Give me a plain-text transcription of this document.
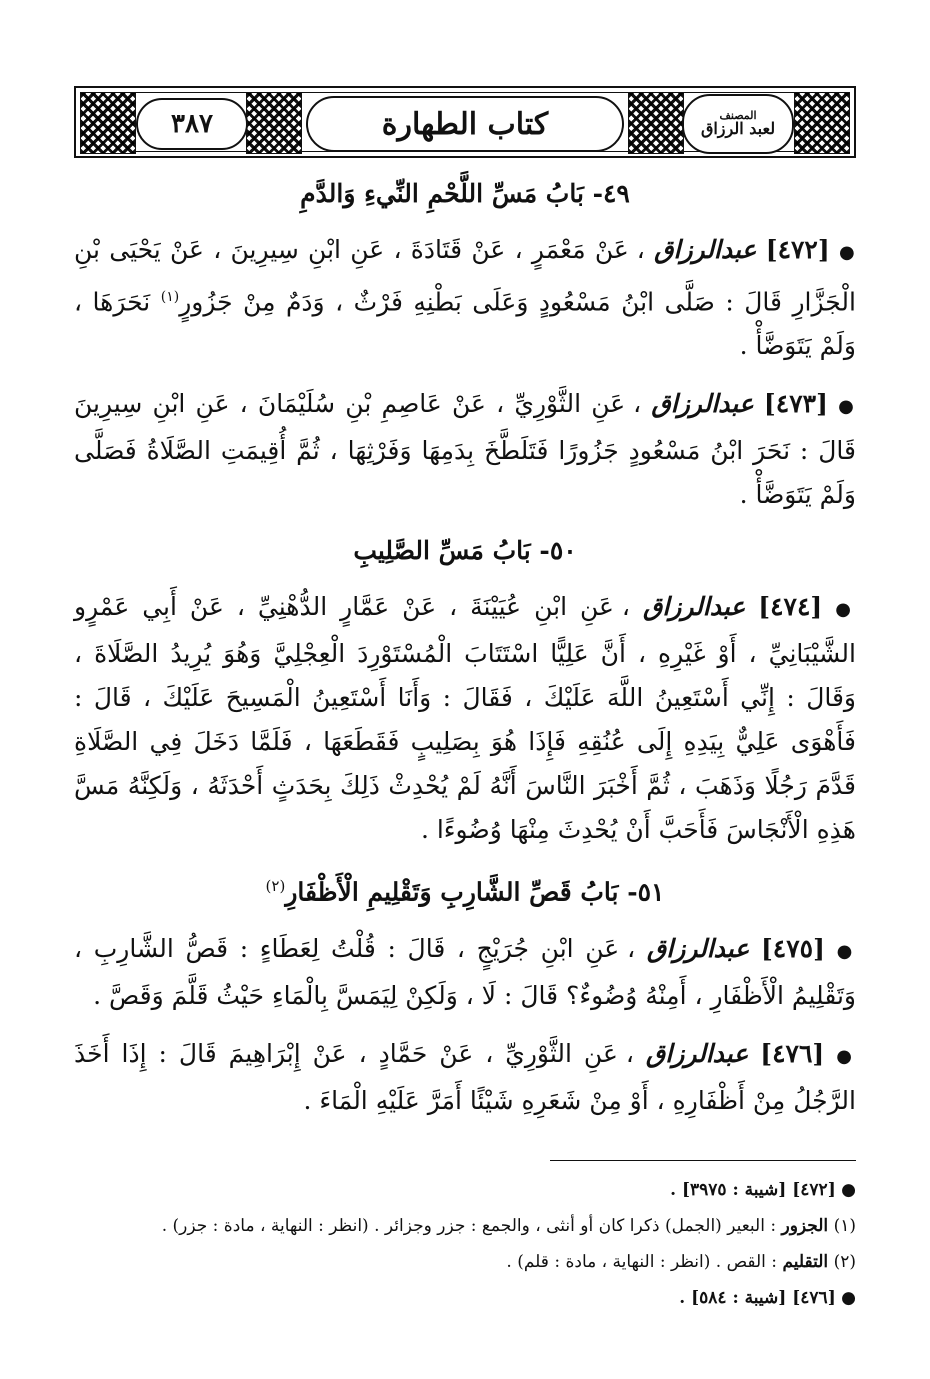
٣٨٧	كتاب الطهارة	المصنف
لعبد الرزاق
٤٩- بَابُ مَسِّ اللَّحْمِ النِّيءِ وَالدَّمِ

● [٤٧٢] عبدالرزاق ، عَنْ مَعْمَرٍ ، عَنْ قَتَادَةَ ، عَنِ ابْنِ سِيرِينَ ، عَنْ يَحْيَى بْنِ الْجَزَّارِ قَالَ : صَلَّى ابْنُ مَسْعُودٍ وَعَلَى بَطْنِهِ فَرْثٌ ، وَدَمٌ مِنْ جَزُورٍ$^{(١)}$ نَحَرَهَا ، وَلَمْ يَتَوَضَّأْ .

● [٤٧٣] عبدالرزاق ، عَنِ الثَّوْرِيِّ ، عَنْ عَاصِمِ بْنِ سُلَيْمَانَ ، عَنِ ابْنِ سِيرِينَ قَالَ : نَحَرَ ابْنُ مَسْعُودٍ جَزُورًا فَتَلَطَّخَ بِدَمِهَا وَفَرْثِهَا ، ثُمَّ أُقِيمَتِ الصَّلَاةُ فَصَلَّى وَلَمْ يَتَوَضَّأْ .

٥٠- بَابُ مَسِّ الصَّلِيبِ

● [٤٧٤] عبدالرزاق ، عَنِ ابْنِ عُيَيْنَةَ ، عَنْ عَمَّارٍ الدُّهْنِيِّ ، عَنْ أَبِي عَمْرٍو الشَّيْبَانِيِّ ، أَوْ غَيْرِهِ ، أَنَّ عَلِيًّا اسْتَتَابَ الْمُسْتَوْرِدَ الْعِجْلِيَّ وَهُوَ يُرِيدُ الصَّلَاةَ ، وَقَالَ : إِنِّي أَسْتَعِينُ اللَّهَ عَلَيْكَ ، فَقَالَ : وَأَنَا أَسْتَعِينُ الْمَسِيحَ عَلَيْكَ ، قَالَ : فَأَهْوَى عَلِيٌّ بِيَدِهِ إِلَى عُنُقِهِ فَإِذَا هُوَ بِصَلِيبٍ فَقَطَعَهَا ، فَلَمَّا دَخَلَ فِي الصَّلَاةِ قَدَّمَ رَجُلًا وَذَهَبَ ، ثُمَّ أَخْبَرَ النَّاسَ أَنَّهُ لَمْ يُحْدِثْ ذَلِكَ بِحَدَثٍ أَحْدَثَهُ ، وَلَكِنَّهُ مَسَّ هَذِهِ الْأَنْجَاسَ فَأَحَبَّ أَنْ يُحْدِثَ مِنْهَا وُضُوءًا .

٥١- بَابُ قَصِّ الشَّارِبِ وَتَقْلِيمِ الْأَظْفَارِ$^{(٢)}$

● [٤٧٥] عبدالرزاق ، عَنِ ابْنِ جُرَيْجٍ ، قَالَ : قُلْتُ لِعَطَاءٍ : قَصُّ الشَّارِبِ ، وَتَقْلِيمُ الْأَظْفَارِ ، أَمِنْهُ وُضُوءٌ؟ قَالَ : لَا ، وَلَكِنْ لِيَمَسَّ بِالْمَاءِ حَيْثُ قَلَّمَ وَقَصَّ .

● [٤٧٦] عبدالرزاق ، عَنِ الثَّوْرِيِّ ، عَنْ حَمَّادٍ ، عَنْ إِبْرَاهِيمَ قَالَ : إِذَا أَخَذَ الرَّجُلُ مِنْ أَظْفَارِهِ ، أَوْ مِنْ شَعَرِهِ شَيْئًا أَمَرَّ عَلَيْهِ الْمَاءَ .

● [٤٧٢] [شيبة : ٣٩٧٥] .

(١) الجزور : البعير (الجمل) ذكرا كان أو أنثى ، والجمع : جزر وجزائر . (انظر : النهاية ، مادة : جزر) .

(٢) التقليم : القص . (انظر : النهاية ، مادة : قلم) .

● [٤٧٦] [شيبة : ٥٨٤] .
